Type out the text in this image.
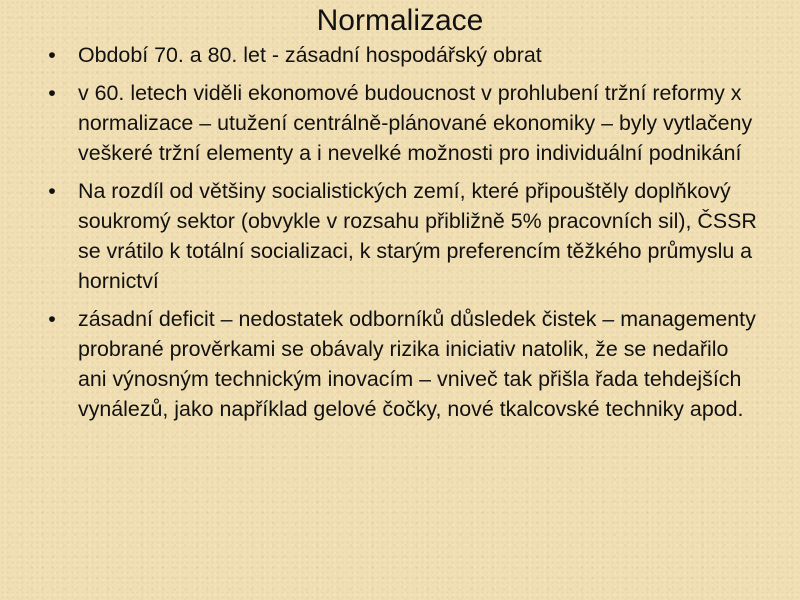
Normalizace
• Období 70. a 80. let - zásadní hospodářský obrat
• v 60. letech viděli ekonomové budoucnost v prohlubení tržní reformy x normalizace – utužení centrálně-plánované ekonomiky – byly vytlačeny veškeré tržní elementy a i nevelké možnosti pro individuální podnikání
• Na rozdíl od většiny socialistických zemí, které připouštěly doplňkový soukromý sektor (obvykle v rozsahu přibližně 5% pracovních sil), ČSSR se vrátilo k totální socializaci, k starým preferencím těžkého průmyslu a hornictví
• zásadní deficit – nedostatek odborníků důsledek čistek – managementy probrané prověrkami se obávaly rizika iniciativ natolik, že se nedařilo ani výnosným technickým inovacím – vniveč tak přišla řada tehdejších vynálezů, jako například gelové čočky, nové tkalcovské techniky apod.
